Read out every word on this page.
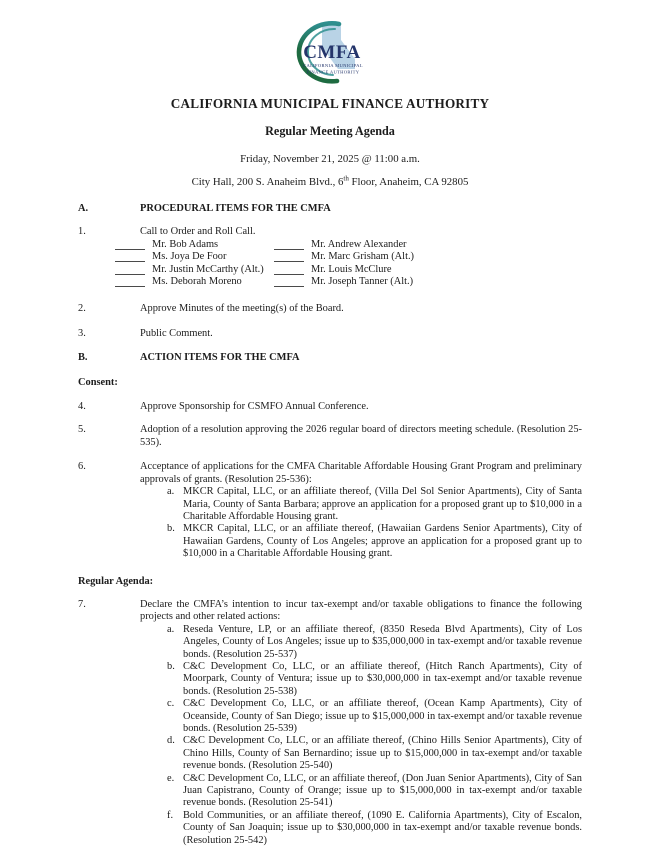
CMFA
CALIFORNIA MUNICIPAL
FINANCE AUTHORITY
CALIFORNIA MUNICIPAL FINANCE AUTHORITY
Regular Meeting Agenda
Friday, November 21, 2025 @ 11:00 a.m.
City Hall, 200 S. Anaheim Blvd., 6th Floor, Anaheim, CA 92805
A.	PROCEDURAL ITEMS FOR THE CMFA
1.	Call to Order and Roll Call.
Mr. Bob Adams	Mr. Andrew Alexander
Ms. Joya De Foor	Mr. Marc Grisham (Alt.)
Mr. Justin McCarthy (Alt.)	Mr. Louis McClure
Ms. Deborah Moreno	Mr. Joseph Tanner (Alt.)
2.	Approve Minutes of the meeting(s) of the Board.
3.	Public Comment.
B.	ACTION ITEMS FOR THE CMFA
Consent:
4.	Approve Sponsorship for CSMFO Annual Conference.
5.	Adoption of a resolution approving the 2026 regular board of directors meeting schedule. (Resolution 25-535).
6.	Acceptance of applications for the CMFA Charitable Affordable Housing Grant Program and preliminary approvals of grants. (Resolution 25-536):
a. MKCR Capital, LLC, or an affiliate thereof, (Villa Del Sol Senior Apartments), City of Santa Maria, County of Santa Barbara; approve an application for a proposed grant up to $10,000 in a Charitable Affordable Housing grant.
b. MKCR Capital, LLC, or an affiliate thereof, (Hawaiian Gardens Senior Apartments), City of Hawaiian Gardens, County of Los Angeles; approve an application for a proposed grant up to $10,000 in a Charitable Affordable Housing grant.
Regular Agenda:
7.	Declare the CMFA’s intention to incur tax-exempt and/or taxable obligations to finance the following projects and other related actions:
a. Reseda Venture, LP, or an affiliate thereof, (8350 Reseda Blvd Apartments), City of Los Angeles, County of Los Angeles; issue up to $35,000,000 in tax-exempt and/or taxable revenue bonds. (Resolution 25-537)
b. C&C Development Co, LLC, or an affiliate thereof, (Hitch Ranch Apartments), City of Moorpark, County of Ventura; issue up to $30,000,000 in tax-exempt and/or taxable revenue bonds. (Resolution 25-538)
c. C&C Development Co, LLC, or an affiliate thereof, (Ocean Kamp Apartments), City of Oceanside, County of San Diego; issue up to $15,000,000 in tax-exempt and/or taxable revenue bonds. (Resolution 25-539)
d. C&C Development Co, LLC, or an affiliate thereof, (Chino Hills Senior Apartments), City of Chino Hills, County of San Bernardino; issue up to $15,000,000 in tax-exempt and/or taxable revenue bonds. (Resolution 25-540)
e. C&C Development Co, LLC, or an affiliate thereof, (Don Juan Senior Apartments), City of San Juan Capistrano, County of Orange; issue up to $15,000,000 in tax-exempt and/or taxable revenue bonds. (Resolution 25-541)
f. Bold Communities, or an affiliate thereof, (1090 E. California Apartments), City of Escalon, County of San Joaquin; issue up to $30,000,000 in tax-exempt and/or taxable revenue bonds. (Resolution 25-542)
